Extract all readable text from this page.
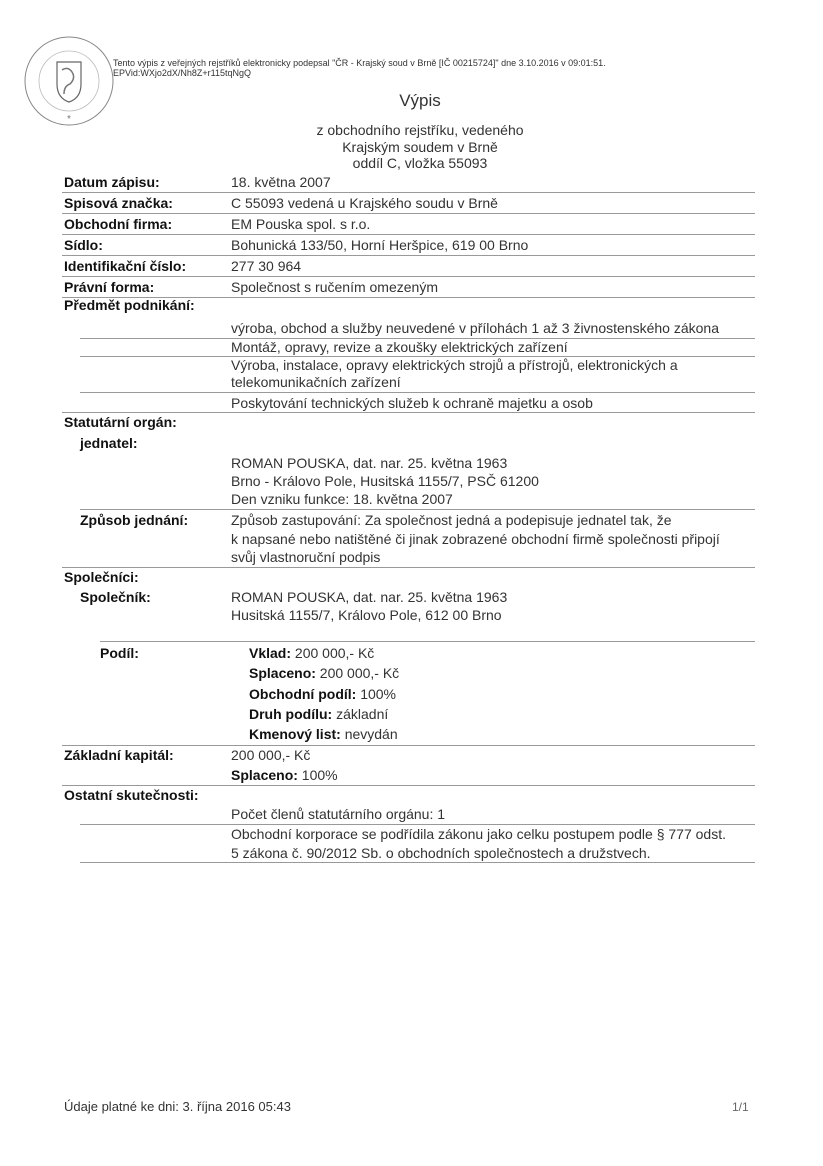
*
Tento výpis z veřejných rejstříků elektronicky podepsal "ČR - Krajský soud v Brně [IČ 00215724]" dne 3.10.2016 v 09:01:51.
EPVid:WXjo2dX/Nh8Z+r115tqNgQ
Výpis
z obchodního rejstříku, vedeného
Krajským soudem v Brně
oddíl C, vložka 55093
Datum zápisu:	18. května 2007
Spisová značka:	C 55093 vedená u Krajského soudu v Brně
Obchodní firma:	EM Pouska spol. s r.o.
Sídlo:	Bohunická 133/50, Horní Heršpice, 619 00 Brno
Identifikační číslo:	277 30 964
Právní forma:	Společnost s ručením omezeným
Předmět podnikání:
výroba, obchod a služby neuvedené v přílohách 1 až 3 živnostenského zákona
Montáž, opravy, revize a zkoušky elektrických zařízení
Výroba, instalace, opravy elektrických strojů a přístrojů, elektronických a
telekomunikačních zařízení
Poskytování technických služeb k ochraně majetku a osob
Statutární orgán:
jednatel:
ROMAN POUSKA, dat. nar. 25. května 1963
Brno - Královo Pole, Husitská 1155/7, PSČ 61200
Den vzniku funkce: 18. května 2007
Způsob jednání:	Způsob zastupování: Za společnost jedná a podepisuje jednatel tak, že
k napsané nebo natištěné či jinak zobrazené obchodní firmě společnosti připojí
svůj vlastnoruční podpis
Společníci:
Společník:	ROMAN POUSKA, dat. nar. 25. května 1963
Husitská 1155/7, Královo Pole, 612 00 Brno
Podíl:	Vklad: 200 000,- Kč
Splaceno: 200 000,- Kč
Obchodní podíl: 100%
Druh podílu: základní
Kmenový list: nevydán
Základní kapitál:	200 000,- Kč
Splaceno: 100%
Ostatní skutečnosti:
Počet členů statutárního orgánu: 1
Obchodní korporace se podřídila zákonu jako celku postupem podle § 777 odst.
5 zákona č. 90/2012 Sb. o obchodních společnostech a družstvech.
Údaje platné ke dni: 3. října 2016 05:43	1/1
